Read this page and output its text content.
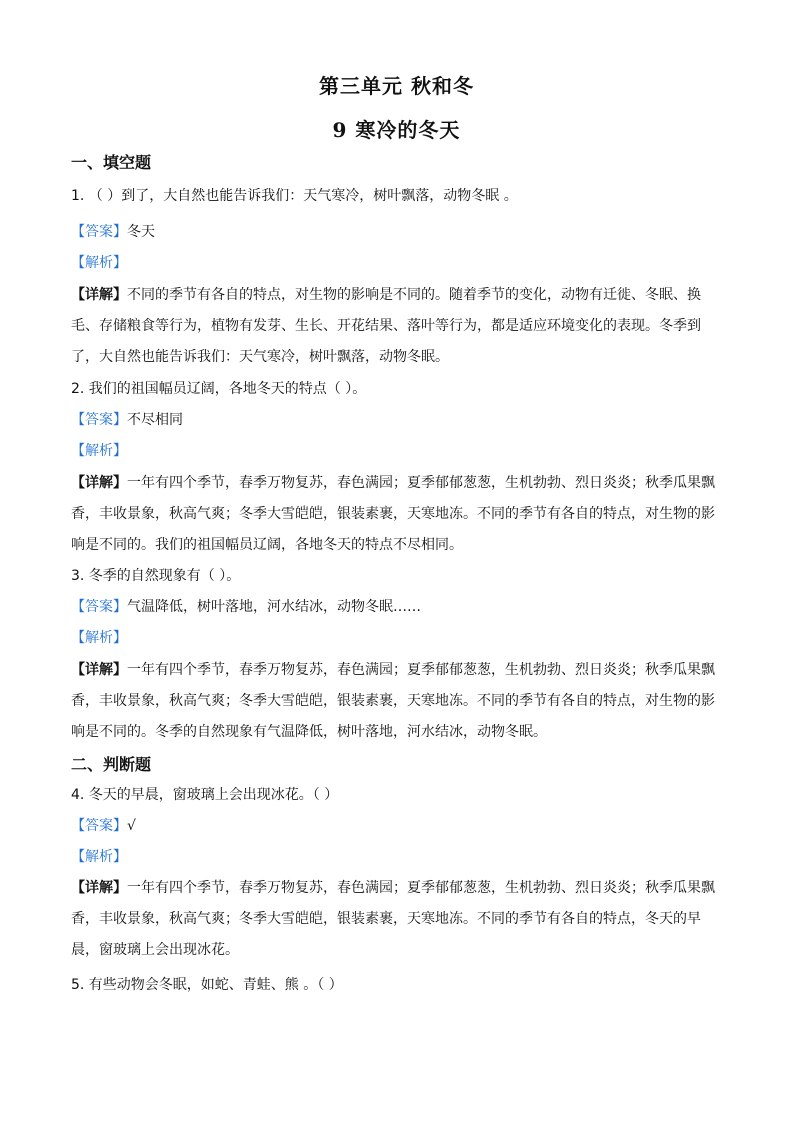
第三单元 秋和冬
9 寒冷的冬天
一、填空题
1. （ ）到了，大自然也能告诉我们：天气寒冷，树叶飘落，动物冬眠 。
【答案】冬天
【解析】
【详解】不同的季节有各自的特点，对生物的影响是不同的。随着季节的变化，动物有迁徙、冬眠、换毛、存储粮食等行为，植物有发芽、生长、开花结果、落叶等行为，都是适应环境变化的表现。冬季到了，大自然也能告诉我们：天气寒冷，树叶飘落，动物冬眠。
2. 我们的祖国幅员辽阔，各地冬天的特点（ ）。
【答案】不尽相同
【解析】
【详解】一年有四个季节，春季万物复苏，春色满园；夏季郁郁葱葱，生机勃勃、烈日炎炎；秋季瓜果飘香，丰收景象，秋高气爽；冬季大雪皑皑，银装素裹，天寒地冻。不同的季节有各自的特点，对生物的影响是不同的。我们的祖国幅员辽阔，各地冬天的特点不尽相同。
3. 冬季的自然现象有（ ）。
【答案】气温降低，树叶落地，河水结冰，动物冬眠……
【解析】
【详解】一年有四个季节，春季万物复苏，春色满园；夏季郁郁葱葱，生机勃勃、烈日炎炎；秋季瓜果飘香，丰收景象，秋高气爽；冬季大雪皑皑，银装素裹，天寒地冻。不同的季节有各自的特点，对生物的影响是不同的。冬季的自然现象有气温降低，树叶落地，河水结冰，动物冬眠。
二、判断题
4. 冬天的早晨，窗玻璃上会出现冰花。（ ）
【答案】√
【解析】
【详解】一年有四个季节，春季万物复苏，春色满园；夏季郁郁葱葱，生机勃勃、烈日炎炎；秋季瓜果飘香，丰收景象，秋高气爽；冬季大雪皑皑，银装素裹，天寒地冻。不同的季节有各自的特点，冬天的早晨，窗玻璃上会出现冰花。
5. 有些动物会冬眠，如蛇、青蛙、熊 。（ ）
